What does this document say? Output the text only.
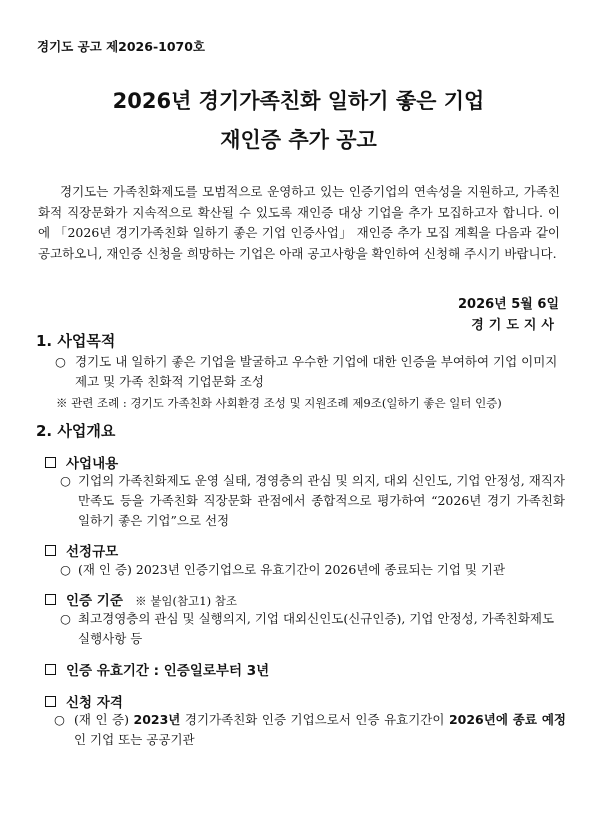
경기도 공고 제2026-1070호
2026년 경기가족친화 일하기 좋은 기업
재인증 추가 공고

경기도는 가족친화제도를 모범적으로 운영하고 있는 인증기업의 연속성을 지원하고, 가족친화적 직장문화가 지속적으로 확산될 수 있도록 재인증 대상 기업을 추가 모집하고자 합니다. 이에 「2026년 경기가족친화 일하기 좋은 기업 인증사업」 재인증 추가 모집 계획을 다음과 같이 공고하오니, 재인증 신청을 희망하는 기업은 아래 공고사항을 확인하여 신청해 주시기 바랍니다.

2026년 5월 6일
경기도지사
1. 사업목적
○ 경기도 내 일하기 좋은 기업을 발굴하고 우수한 기업에 대한 인증을 부여하여 기업 이미지 제고 및 가족 친화적 기업문화 조성

※ 관련 조례 : 경기도 가족친화 사회환경 조성 및 지원조례 제9조(일하기 좋은 일터 인증)
2. 사업개요
사업내용
○ 기업의 가족친화제도 운영 실태, 경영층의 관심 및 의지, 대외 신인도, 기업 안정성, 재직자 만족도 등을 가족친화 직장문화 관점에서 종합적으로 평가하여 “2026년 경기 가족친화 일하기 좋은 기업”으로 선정

선정규모
○ (재 인 증) 2023년 인증기업으로 유효기간이 2026년에 종료되는 기업 및 기관

인증 기준 ※ 붙임(참고1) 참조
○ 최고경영층의 관심 및 실행의지, 기업 대외신인도(신규인증), 기업 안정성, 가족친화제도 실행사항 등

인증 유효기간 : 인증일로부터 3년
신청 자격
○ (재 인 증) 2023년 경기가족친화 인증 기업으로서 인증 유효기간이 2026년에 종료 예정인 기업 또는 공공기관
